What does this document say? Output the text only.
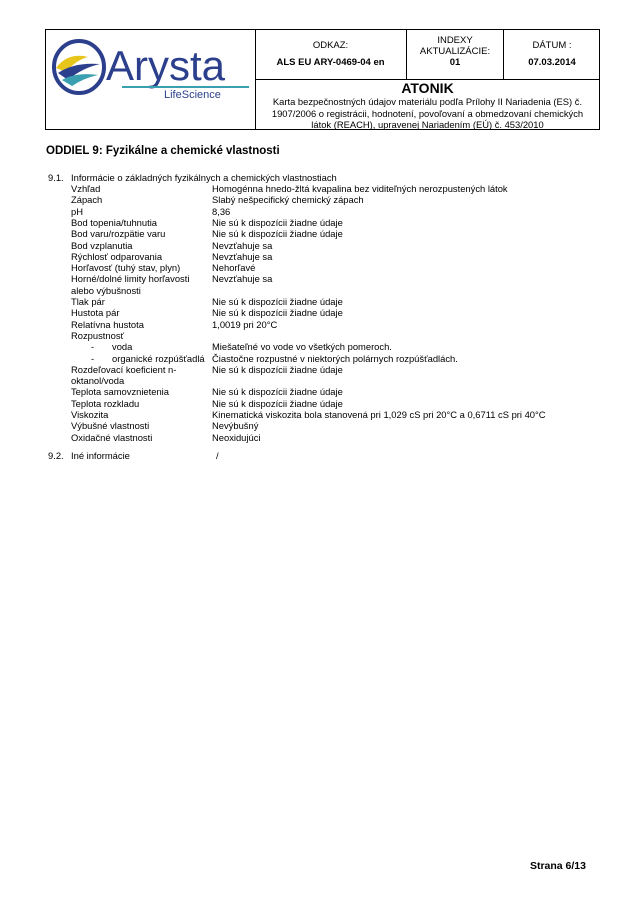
Arysta
LifeScience
ODKAZ:
ALS EU ARY-0469-04 en
INDEXY
AKTUALIZÁCIE:
01
DÁTUM :
07.03.2014
ATONIK
Karta bezpečnostných údajov materiálu podľa Prílohy II Nariadenia (ES) č.
1907/2006 o registrácii, hodnotení, povoľovaní a obmedzovaní chemických
látok (REACH), upravenej Nariadením (EÚ) č. 453/2010
ODDIEL 9: Fyzikálne a chemické vlastnosti
9.1. Informácie o základných fyzikálnych a chemických vlastnostiach
Vzhľad	Homogénna hnedo-žltá kvapalina bez viditeľných nerozpustených látok
Zápach	Slabý nešpecifický chemický zápach
pH	8,36
Bod topenia/tuhnutia	Nie sú k dispozícii žiadne údaje
Bod varu/rozpätie varu	Nie sú k dispozícii žiadne údaje
Bod vzplanutia	Nevzťahuje sa
Rýchlosť odparovania	Nevzťahuje sa
Horľavosť (tuhý stav, plyn)	Nehorľavé
Horné/dolné limity horľavosti	Nevzťahuje sa
alebo výbušnosti
Tlak pár	Nie sú k dispozícii žiadne údaje
Hustota pár	Nie sú k dispozícii žiadne údaje
Relatívna hustota	1,0019 pri 20°C
Rozpustnosť
- voda	Miešateľné vo vode vo všetkých pomeroch.
- organické rozpúšťadlá Čiastočne rozpustné v niektorých polárnych rozpúšťadlách.
Rozdeľovací koeficient n-	Nie sú k dispozícii žiadne údaje
oktanol/voda
Teplota samovznietenia	Nie sú k dispozícii žiadne údaje
Teplota rozkladu	Nie sú k dispozícii žiadne údaje
Viskozita	Kinematická viskozita bola stanovená pri 1,029 cS pri 20°C a 0,6711 cS pri 40°C
Výbušné vlastnosti	Nevýbušný
Oxidačné vlastnosti	Neoxidujúci
9.2. Iné informácie	/
Strana 6/13
